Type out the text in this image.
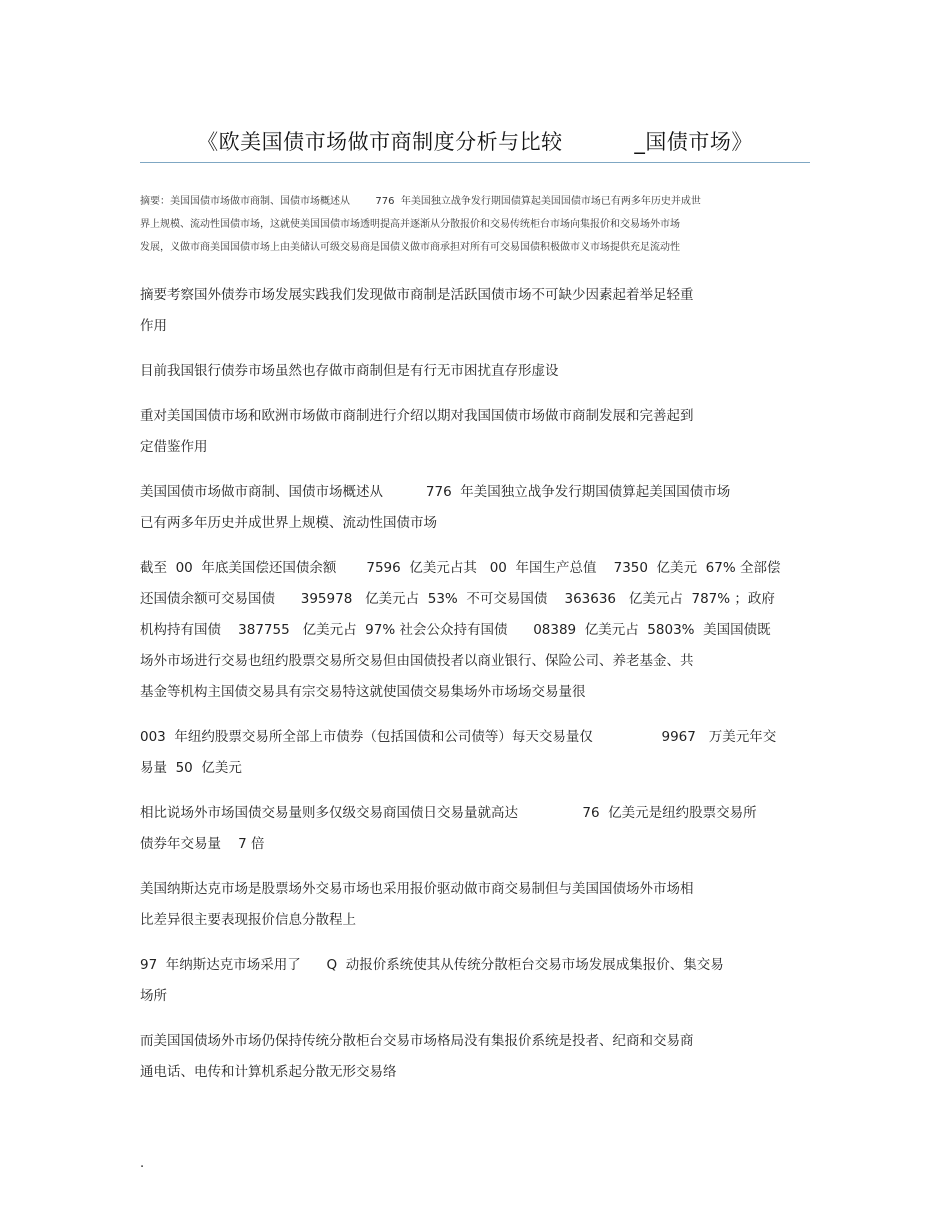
《欧美国债市场做市商制度分析与比较          _国债市场》
摘要：美国国债市场做市商制、国债市场概述从        776  年美国独立战争发行期国债算起美国国债市场已有两多年历史并成世
界上规模、流动性国债市场，这就使美国国债市场透明提高并逐渐从分散报价和交易传统柜台市场向集报价和交易场外市场
发展，义做市商美国国债市场上由美储认可级交易商是国债义做市商承担对所有可交易国债积极做市义市场提供充足流动性

摘要考察国外债券市场发展实践我们发现做市商制是活跃国债市场不可缺少因素起着举足轻重
作用

目前我国银行债券市场虽然也存做市商制但是有行无市困扰直存形虚设

重对美国国债市场和欧洲市场做市商制进行介绍以期对我国国债市场做市商制发展和完善起到
定借鉴作用

美国国债市场做市商制、国债市场概述从          776  年美国独立战争发行期国债算起美国国债市场
已有两多年历史并成世界上规模、流动性国债市场

截至  00  年底美国偿还国债余额       7596  亿美元占其   00  年国生产总值    7350  亿美元  67% 全部偿
还国债余额可交易国债      395978   亿美元占  53%  不可交易国债    363636   亿美元占  787% ；政府
机构持有国债    387755   亿美元占  97% 社会公众持有国债      08389  亿美元占  5803%  美国国债既
场外市场进行交易也纽约股票交易所交易但由国债投者以商业银行、保险公司、养老基金、共
基金等机构主国债交易具有宗交易特这就使国债交易集场外市场场交易量很

003  年纽约股票交易所全部上市债券（包括国债和公司债等）每天交易量仅                9967   万美元年交
易量  50  亿美元

相比说场外市场国债交易量则多仅级交易商国债日交易量就高达               76  亿美元是纽约股票交易所
债券年交易量    7 倍

美国纳斯达克市场是股票场外交易市场也采用报价驱动做市商交易制但与美国国债场外市场相
比差异很主要表现报价信息分散程上

97  年纳斯达克市场采用了      Q  动报价系统使其从传统分散柜台交易市场发展成集报价、集交易
场所

而美国国债场外市场仍保持传统分散柜台交易市场格局没有集报价系统是投者、纪商和交易商
通电话、电传和计算机系起分散无形交易络

.
